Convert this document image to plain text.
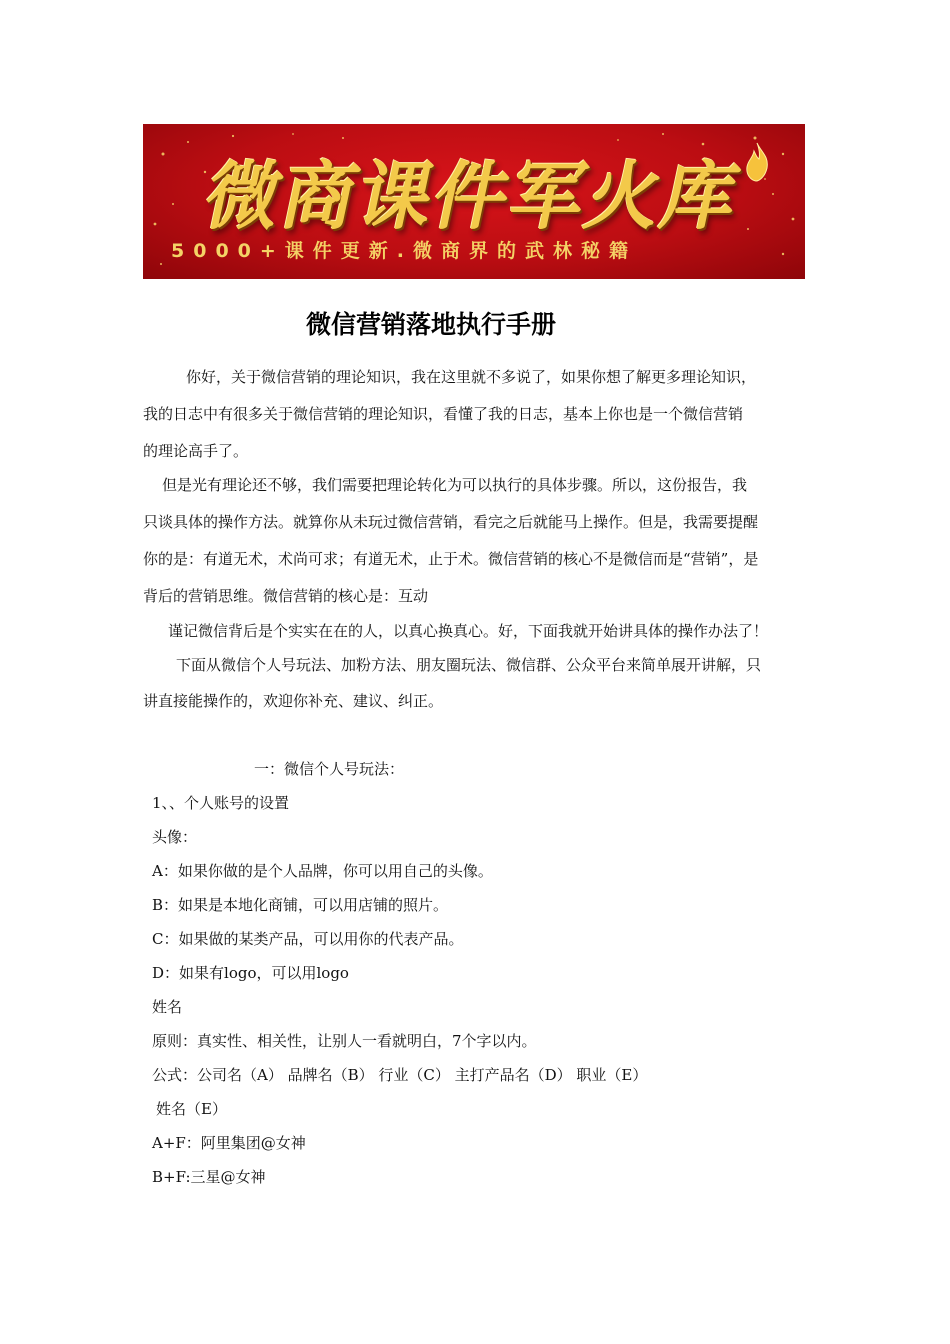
微商课件军火库
5000+课件更新.微商界的武林秘籍
微信营销落地执行手册
你好，关于微信营销的理论知识，我在这里就不多说了，如果你想了解更多理论知识，
我的日志中有很多关于微信营销的理论知识，看懂了我的日志，基本上你也是一个微信营销
的理论高手了。
但是光有理论还不够，我们需要把理论转化为可以执行的具体步骤。所以，这份报告，我
只谈具体的操作方法。就算你从未玩过微信营销，看完之后就能马上操作。但是，我需要提醒
你的是：有道无术，术尚可求；有道无术，止于术。微信营销的核心不是微信而是“营销”，是
背后的营销思维。微信营销的核心是：互动
谨记微信背后是个实实在在的人，以真心换真心。好，下面我就开始讲具体的操作办法了！
下面从微信个人号玩法、加粉方法、朋友圈玩法、微信群、公众平台来简单展开讲解，只
讲直接能操作的，欢迎你补充、建议、纠正。
一：微信个人号玩法：
1、、个人账号的设置
头像：
A：如果你做的是个人品牌，你可以用自己的头像。
B：如果是本地化商铺，可以用店铺的照片。
C：如果做的某类产品，可以用你的代表产品。
D：如果有logo，可以用logo
姓名
原则：真实性、相关性，让别人一看就明白，7个字以内。
公式：公司名（A） 品牌名（B） 行业（C） 主打产品名（D） 职业（E）
姓名（E）
A+F：阿里集团@女神
B+F:三星@女神
